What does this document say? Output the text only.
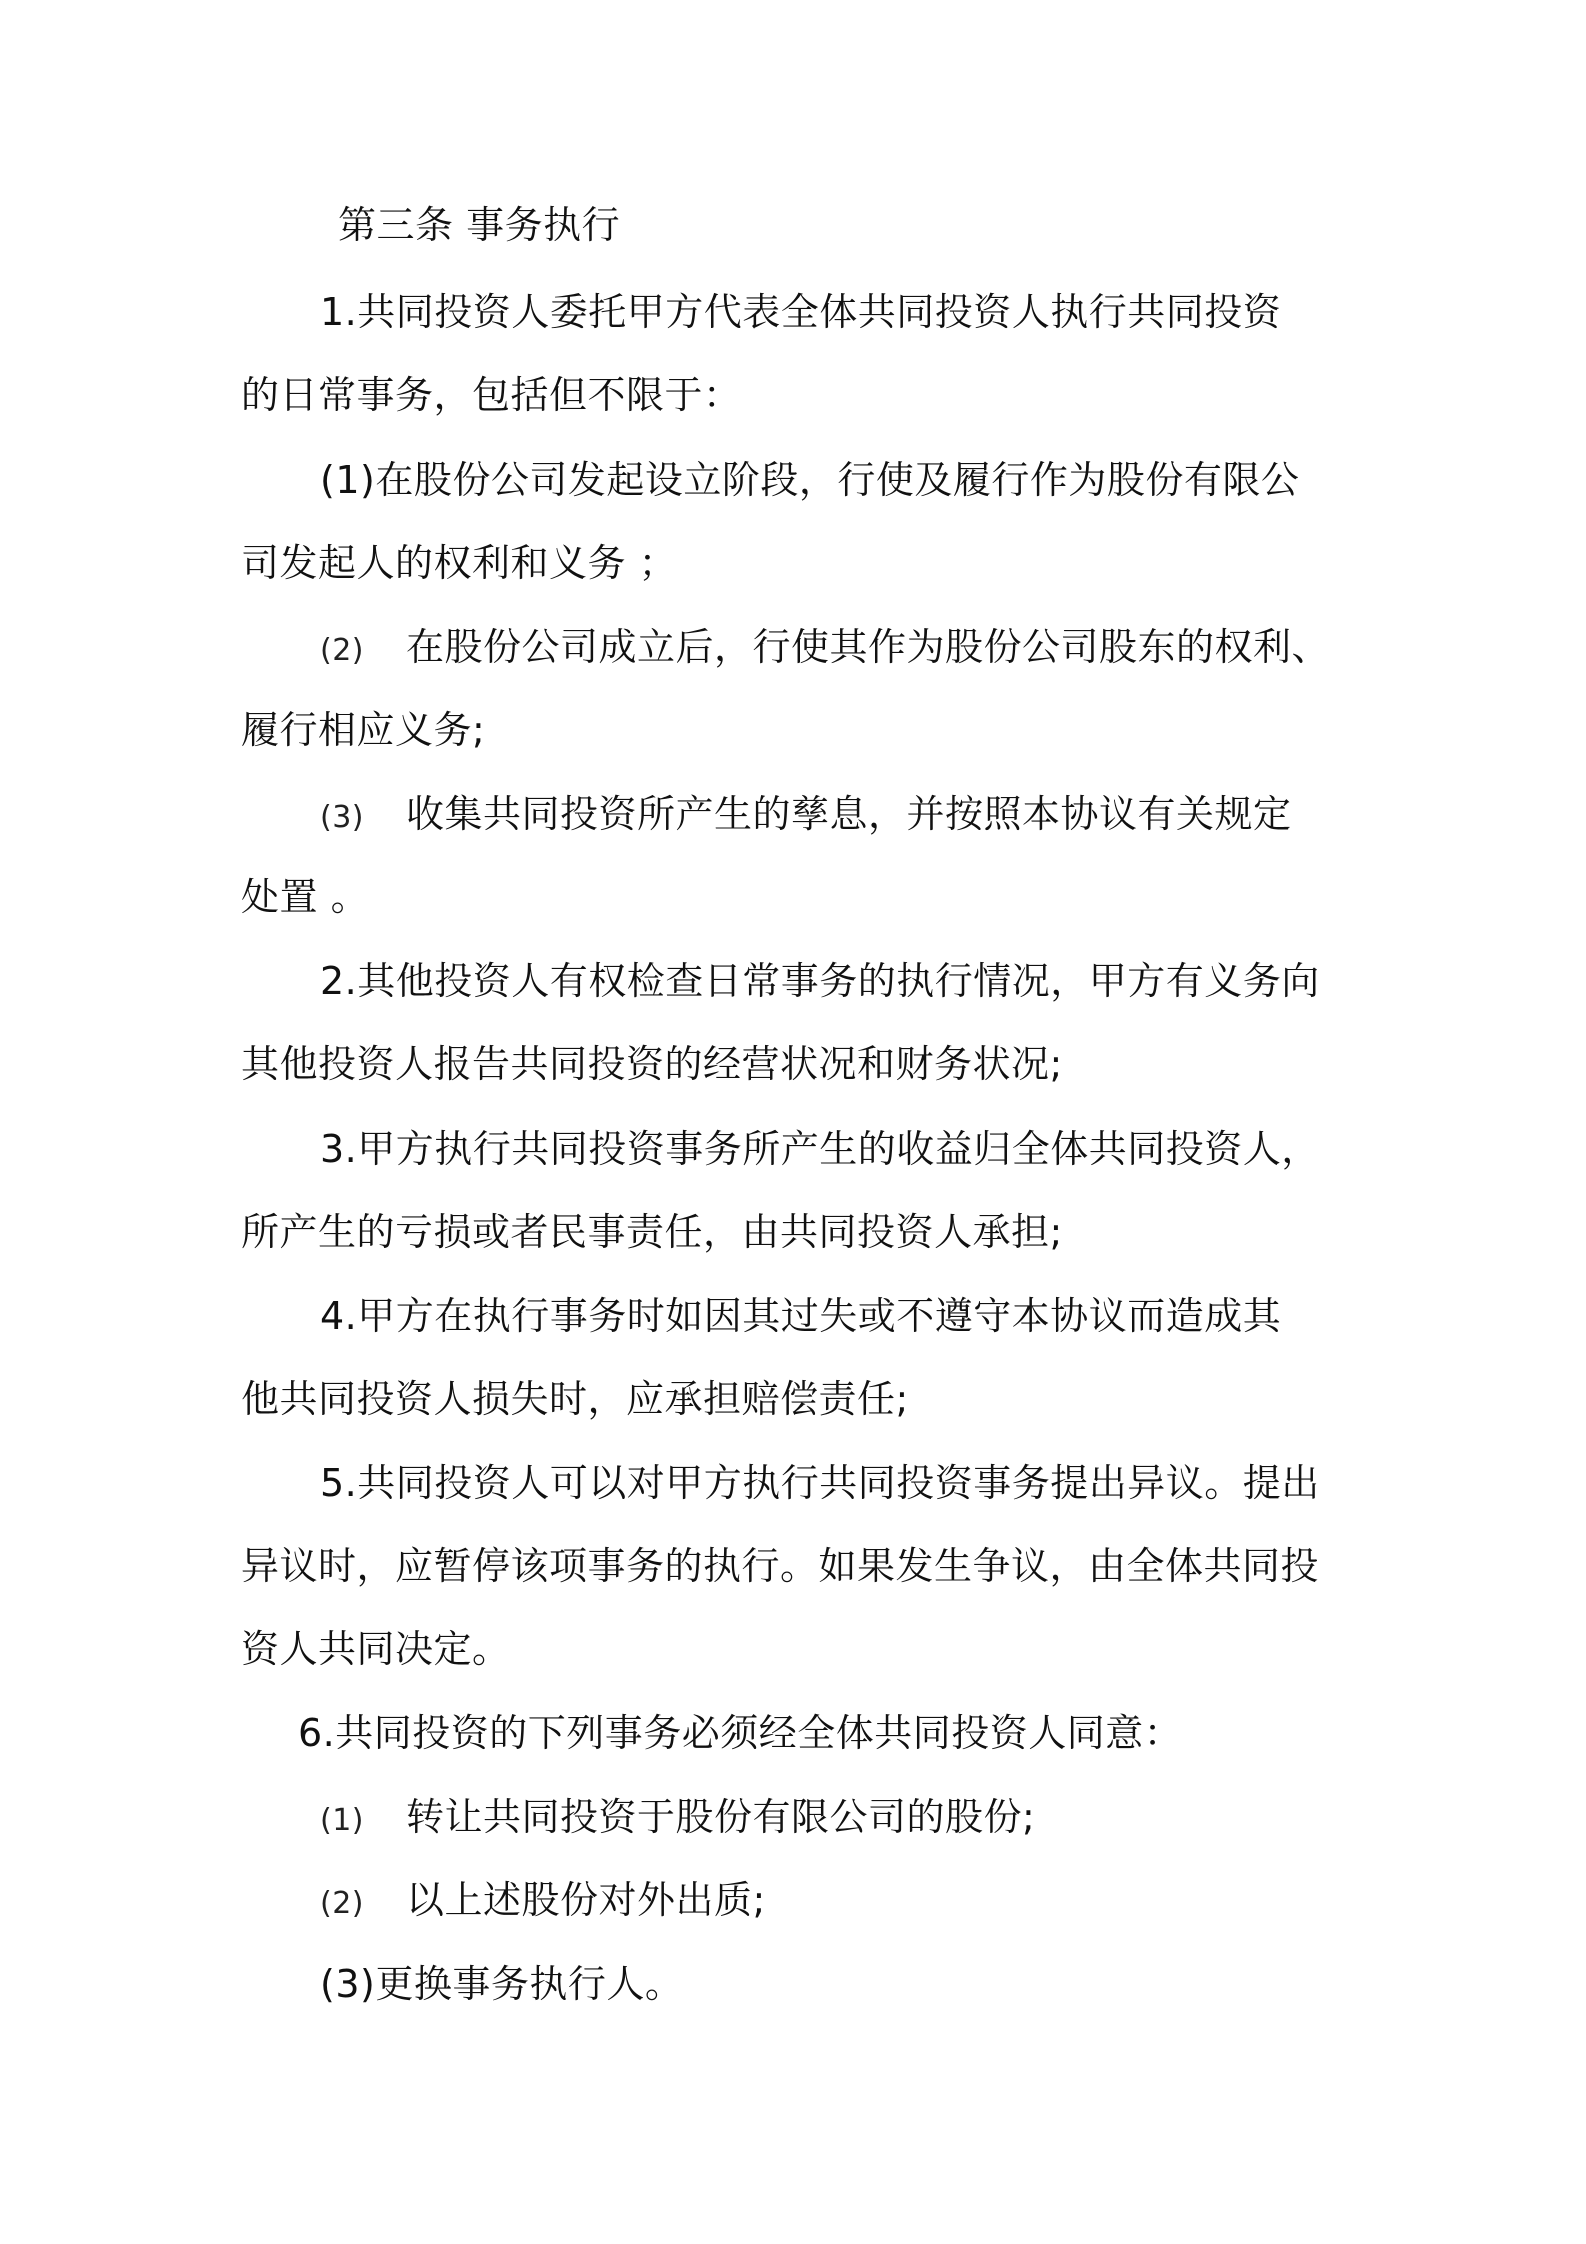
第三条 事务执行
1.共同投资人委托甲方代表全体共同投资人执行共同投资
的日常事务，包括但不限于：
(1)在股份公司发起设立阶段，行使及履行作为股份有限公
司发起人的权利和义务 ；
(2) 在股份公司成立后，行使其作为股份公司股东的权利、
履行相应义务;
(3) 收集共同投资所产生的孳息，并按照本协议有关规定
处置 。
2.其他投资人有权检查日常事务的执行情况，甲方有义务向
其他投资人报告共同投资的经营状况和财务状况;
3.甲方执行共同投资事务所产生的收益归全体共同投资人，
所产生的亏损或者民事责任，由共同投资人承担;
4.甲方在执行事务时如因其过失或不遵守本协议而造成其
他共同投资人损失时，应承担赔偿责任;
5.共同投资人可以对甲方执行共同投资事务提出异议。提出
异议时，应暂停该项事务的执行。如果发生争议，由全体共同投
资人共同决定。
6.共同投资的下列事务必须经全体共同投资人同意：
(1) 转让共同投资于股份有限公司的股份;
(2) 以上述股份对外出质;
(3)更换事务执行人。
